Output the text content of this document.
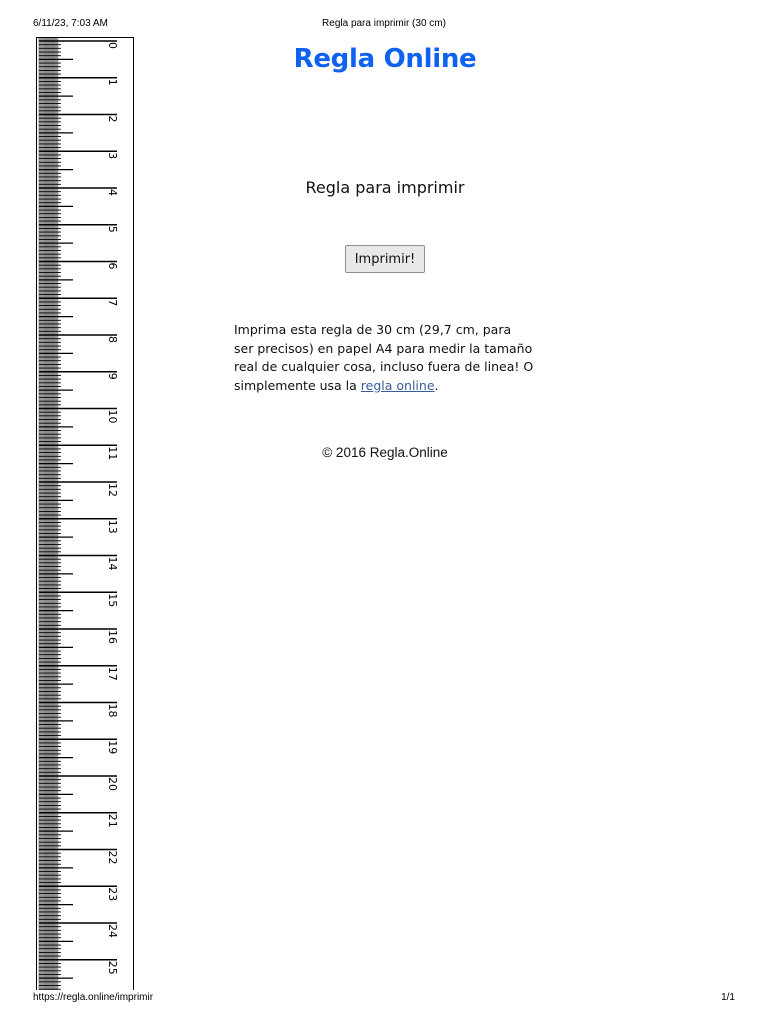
6/11/23, 7:03 AM	Regla para imprimir (30 cm)
0
1
2
3
4
5
6
7
8
9
10
11
12
13
14
15
16
17
18
19
20
21
22
23
24
25
Regla Online
Regla para imprimir
Imprimir!
Imprima esta regla de 30 cm (29,7 cm, para ser precisos) en papel A4 para medir la tamaño real de cualquier cosa, incluso fuera de linea! O simplemente usa la regla online.
© 2016 Regla.Online
https://regla.online/imprimir	1/1
